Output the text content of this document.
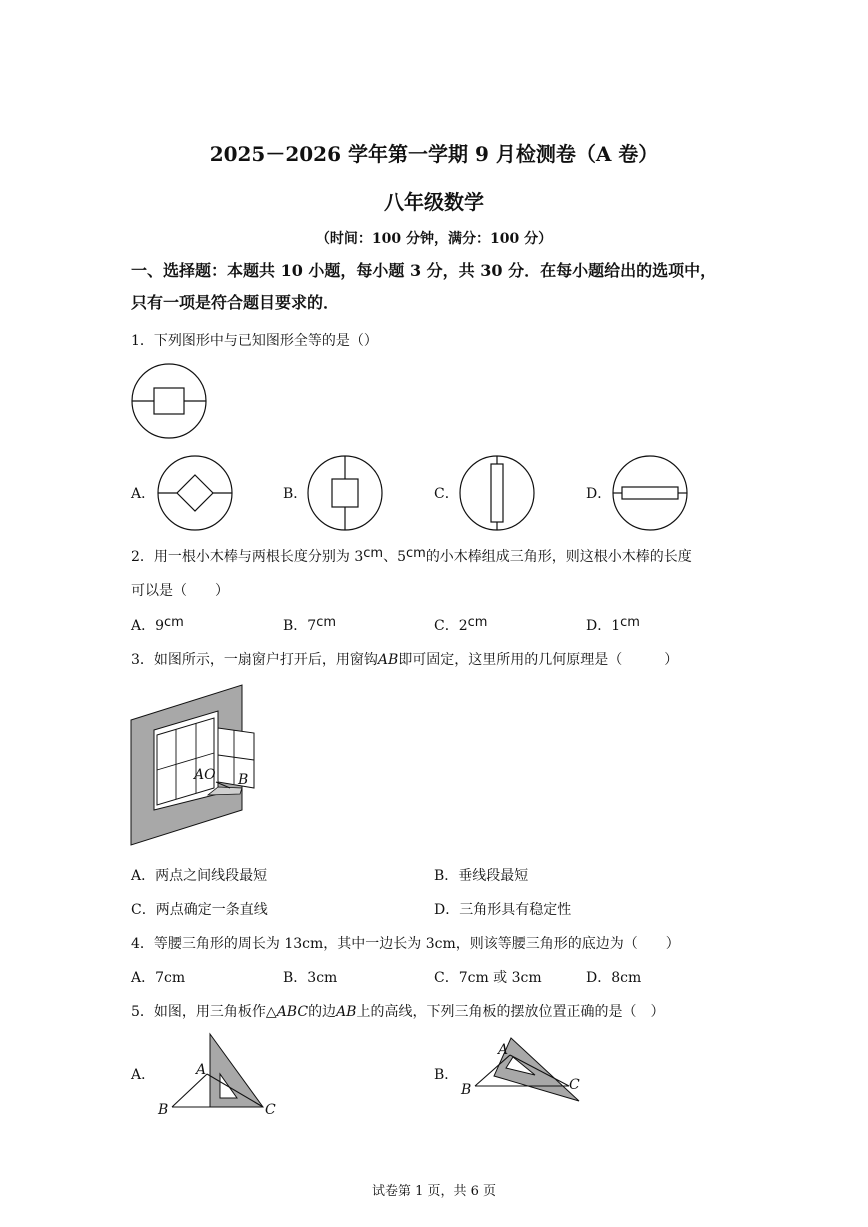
2025－2026 学年第一学期 9 月检测卷（A 卷）
八年级数学
（时间：100 分钟，满分：100 分）
一、选择题：本题共 10 小题，每小题 3 分，共 30 分．在每小题给出的选项中，
只有一项是符合题目要求的．
1．下列图形中与已知图形全等的是（）
A．	B．	C．	D．
2．用一根小木棒与两根长度分别为 3cm、5cm的小木棒组成三角形，则这根小木棒的长度
可以是（　　）
A．9cm	B．7cm	C．2cm	D．1cm
3．如图所示，一扇窗户打开后，用窗钩AB即可固定，这里所用的几何原理是（　　　）
AO B
A．两点之间线段最短	B．垂线段最短
C．两点确定一条直线	D．三角形具有稳定性
4．等腰三角形的周长为 13cm，其中一边长为 3cm，则该等腰三角形的底边为（　　）
A．7cm	B．3cm	C．7cm 或 3cm	D．8cm
5．如图，用三角板作△ABC的边AB上的高线，下列三角板的摆放位置正确的是（　）
A．	A
B	C
B．
A
B	C
试卷第 1 页，共 6 页
